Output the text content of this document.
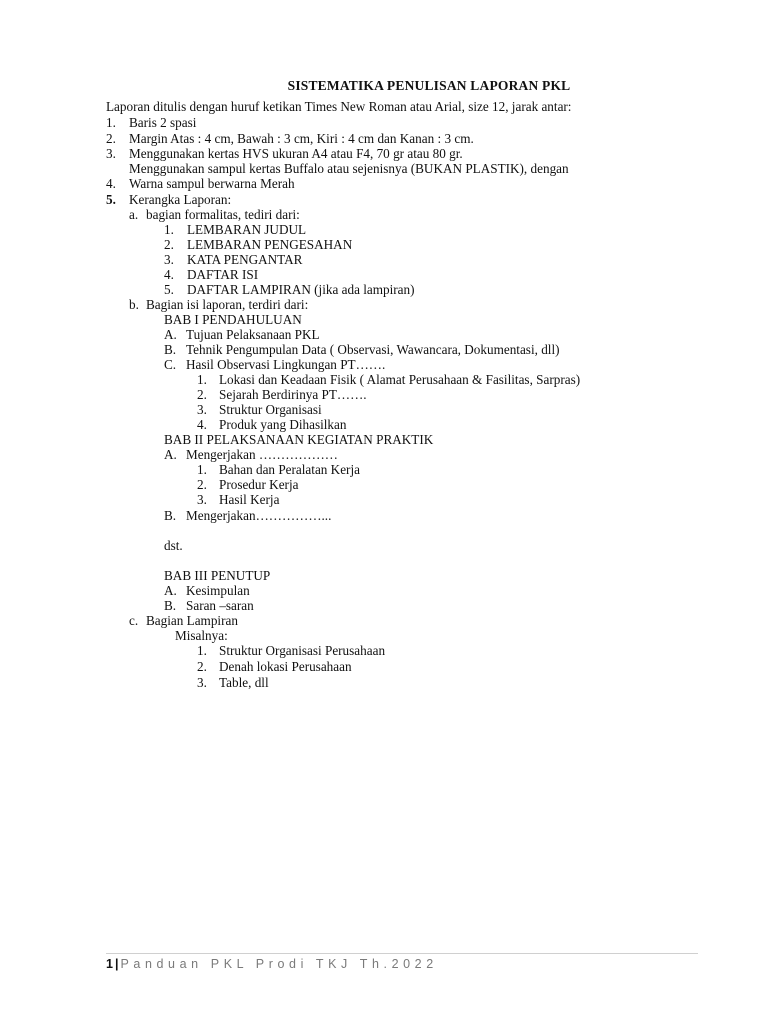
SISTEMATIKA PENULISAN LAPORAN PKL
Laporan ditulis dengan huruf ketikan Times New Roman atau Arial, size 12, jarak antar:
1. Baris 2 spasi
2. Margin Atas : 4 cm, Bawah : 3 cm, Kiri : 4 cm dan Kanan : 3 cm.
3. Menggunakan kertas HVS ukuran A4 atau F4, 70 gr atau 80 gr.
Menggunakan sampul kertas Buffalo atau sejenisnya (BUKAN PLASTIK), dengan
4. Warna sampul berwarna Merah
5. Kerangka Laporan:
a. bagian formalitas, tediri dari:
1. LEMBARAN JUDUL
2. LEMBARAN PENGESAHAN
3. KATA PENGANTAR
4. DAFTAR ISI
5. DAFTAR LAMPIRAN (jika ada lampiran)
b. Bagian isi laporan, terdiri dari:
BAB I PENDAHULUAN
A. Tujuan Pelaksanaan PKL
B. Tehnik Pengumpulan Data ( Observasi, Wawancara, Dokumentasi, dll)
C. Hasil Observasi Lingkungan PT…….
1. Lokasi dan Keadaan Fisik ( Alamat Perusahaan & Fasilitas, Sarpras)
2. Sejarah Berdirinya PT…….
3. Struktur Organisasi
4. Produk yang Dihasilkan
BAB II PELAKSANAAN KEGIATAN PRAKTIK
A. Mengerjakan ………………
1. Bahan dan Peralatan Kerja
2. Prosedur Kerja
3. Hasil Kerja
B. Mengerjakan……………...
dst.
BAB III PENUTUP
A. Kesimpulan
B. Saran –saran
c. Bagian Lampiran
Misalnya:
1. Struktur Organisasi Perusahaan
2. Denah lokasi Perusahaan
3. Table, dll
1 | Panduan PKL Prodi TKJ Th.2022
